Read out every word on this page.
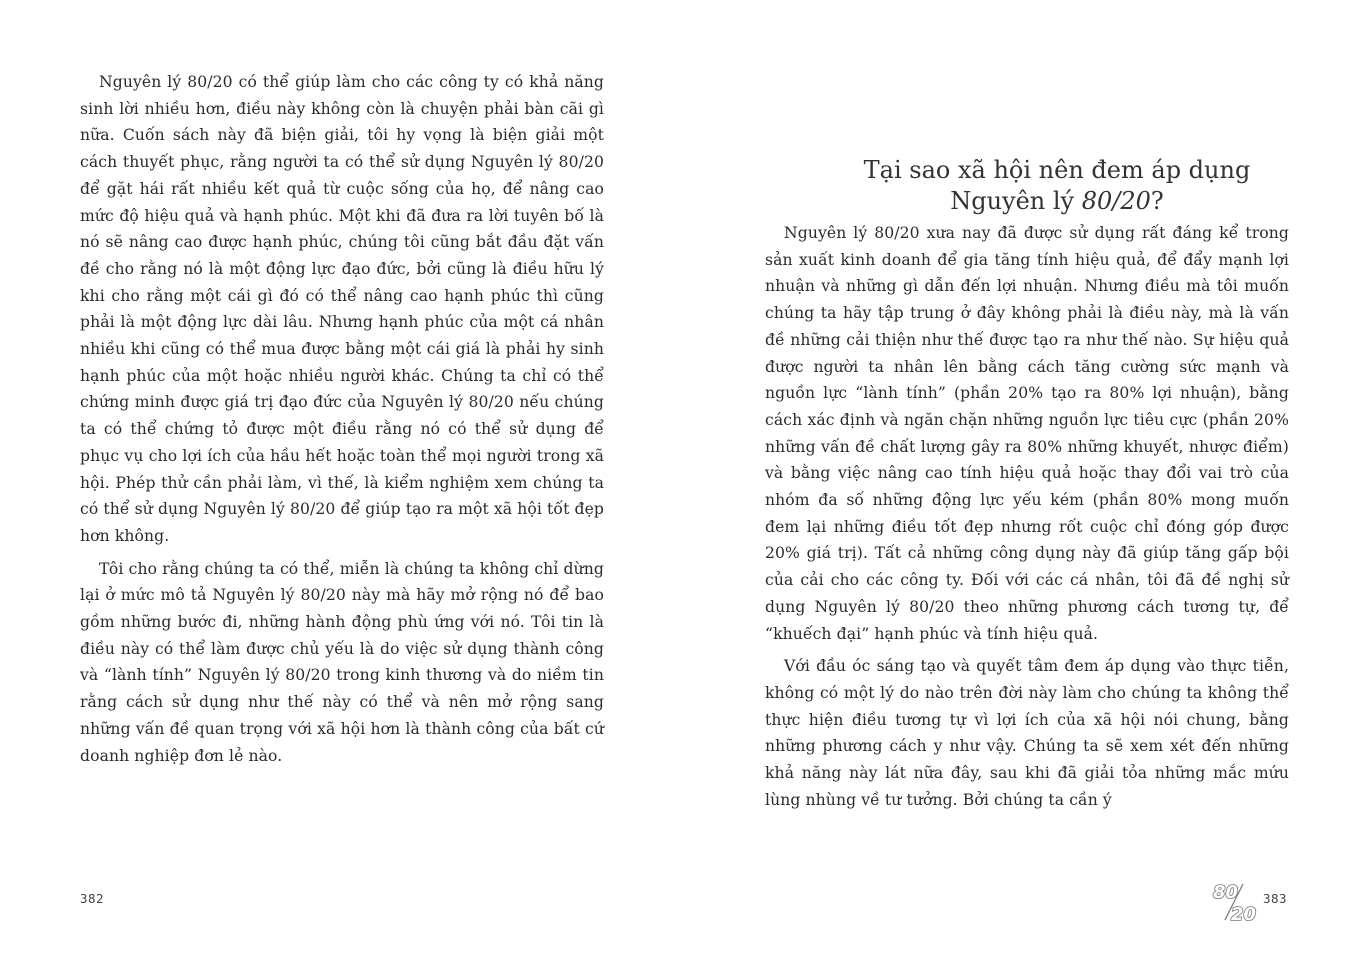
Nguyên lý 80/20 có thể giúp làm cho các công ty có khả năng sinh lời nhiều hơn, điều này không còn là chuyện phải bàn cãi gì nữa. Cuốn sách này đã biện giải, tôi hy vọng là biện giải một cách thuyết phục, rằng người ta có thể sử dụng Nguyên lý 80/20 để gặt hái rất nhiều kết quả từ cuộc sống của họ, để nâng cao mức độ hiệu quả và hạnh phúc. Một khi đã đưa ra lời tuyên bố là nó sẽ nâng cao được hạnh phúc, chúng tôi cũng bắt đầu đặt vấn đề cho rằng nó là một động lực đạo đức, bởi cũng là điều hữu lý khi cho rằng một cái gì đó có thể nâng cao hạnh phúc thì cũng phải là một động lực dài lâu. Nhưng hạnh phúc của một cá nhân nhiều khi cũng có thể mua được bằng một cái giá là phải hy sinh hạnh phúc của một hoặc nhiều người khác. Chúng ta chỉ có thể chứng minh được giá trị đạo đức của Nguyên lý 80/20 nếu chúng ta có thể chứng tỏ được một điều rằng nó có thể sử dụng để phục vụ cho lợi ích của hầu hết hoặc toàn thể mọi người trong xã hội. Phép thử cần phải làm, vì thế, là kiểm nghiệm xem chúng ta có thể sử dụng Nguyên lý 80/20 để giúp tạo ra một xã hội tốt đẹp hơn không.

Tôi cho rằng chúng ta có thể, miễn là chúng ta không chỉ dừng lại ở mức mô tả Nguyên lý 80/20 này mà hãy mở rộng nó để bao gồm những bước đi, những hành động phù ứng với nó. Tôi tin là điều này có thể làm được chủ yếu là do việc sử dụng thành công và “lành tính” Nguyên lý 80/20 trong kinh thương và do niềm tin rằng cách sử dụng như thế này có thể và nên mở rộng sang những vấn đề quan trọng với xã hội hơn là thành công của bất cứ doanh nghiệp đơn lẻ nào.

382
Tại sao xã hội nên đem áp dụng
Nguyên lý 80/20?

Nguyên lý 80/20 xưa nay đã được sử dụng rất đáng kể trong sản xuất kinh doanh để gia tăng tính hiệu quả, để đẩy mạnh lợi nhuận và những gì dẫn đến lợi nhuận. Nhưng điều mà tôi muốn chúng ta hãy tập trung ở đây không phải là điều này, mà là vấn đề những cải thiện như thế được tạo ra như thế nào. Sự hiệu quả được người ta nhân lên bằng cách tăng cường sức mạnh và nguồn lực “lành tính” (phần 20% tạo ra 80% lợi nhuận), bằng cách xác định và ngăn chặn những nguồn lực tiêu cực (phần 20% những vấn đề chất lượng gây ra 80% những khuyết, nhược điểm) và bằng việc nâng cao tính hiệu quả hoặc thay đổi vai trò của nhóm đa số những động lực yếu kém (phần 80% mong muốn đem lại những điều tốt đẹp nhưng rốt cuộc chỉ đóng góp được 20% giá trị). Tất cả những công dụng này đã giúp tăng gấp bội của cải cho các công ty. Đối với các cá nhân, tôi đã đề nghị sử dụng Nguyên lý 80/20 theo những phương cách tương tự, để “khuếch đại” hạnh phúc và tính hiệu quả.

Với đầu óc sáng tạo và quyết tâm đem áp dụng vào thực tiễn, không có một lý do nào trên đời này làm cho chúng ta không thể thực hiện điều tương tự vì lợi ích của xã hội nói chung, bằng những phương cách y như vậy. Chúng ta sẽ xem xét đến những khả năng này lát nữa đây, sau khi đã giải tỏa những mắc mứu lùng nhùng về tư tưởng. Bởi chúng ta cần ý

80
20
383
